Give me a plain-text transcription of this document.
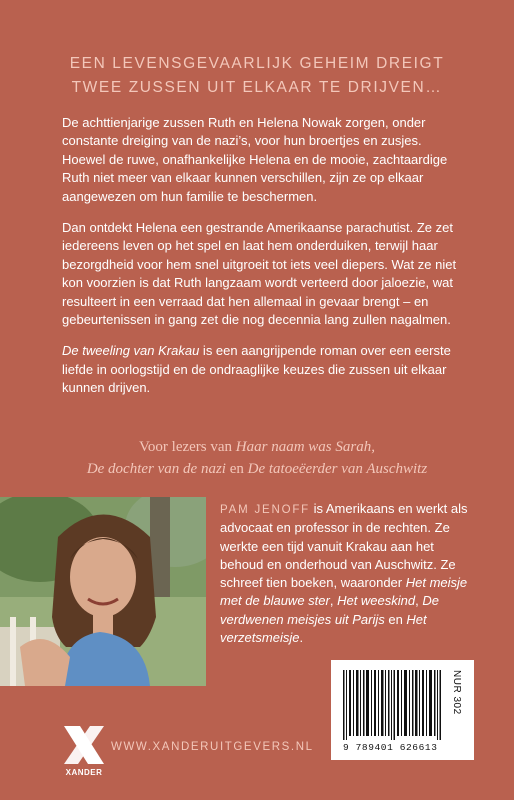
EEN LEVENSGEVAARLIJK GEHEIM DREIGT
TWEE ZUSSEN UIT ELKAAR TE DRIJVEN…

De achttienjarige zussen Ruth en Helena Nowak zorgen, onder constante dreiging van de nazi’s, voor hun broertjes en zusjes. Hoewel de ruwe, onafhankelijke Helena en de mooie, zachtaardige Ruth niet meer van elkaar kunnen verschillen, zijn ze op elkaar aangewezen om hun familie te beschermen.

Dan ontdekt Helena een gestrande Amerikaanse parachutist. Ze zet iedereens leven op het spel en laat hem onderduiken, terwijl haar bezorgdheid voor hem snel uitgroeit tot iets veel diepers. Wat ze niet kon voorzien is dat Ruth langzaam wordt verteerd door jaloezie, wat resulteert in een verraad dat hen allemaal in gevaar brengt – en gebeurtenissen in gang zet die nog decennia lang zullen nagalmen.

De tweeling van Krakau is een aangrijpende roman over een eerste liefde in oorlogstijd en de ondraaglijke keuzes die zussen uit elkaar kunnen drijven.

Voor lezers van Haar naam was Sarah,
De dochter van de nazi en De tatoeëerder van Auschwitz
PAM JENOFF is Amerikaans en werkt als advocaat en professor in de rechten. Ze werkte een tijd vanuit Krakau aan het behoud en onderhoud van Auschwitz. Ze schreef tien boeken, waaronder Het meisje met de blauwe ster, Het weeskind, De verdwenen meisjes uit Parijs en Het verzetsmeisje.
9 789401 626613
NUR 302
XANDER
WWW.XANDERUITGEVERS.NL
